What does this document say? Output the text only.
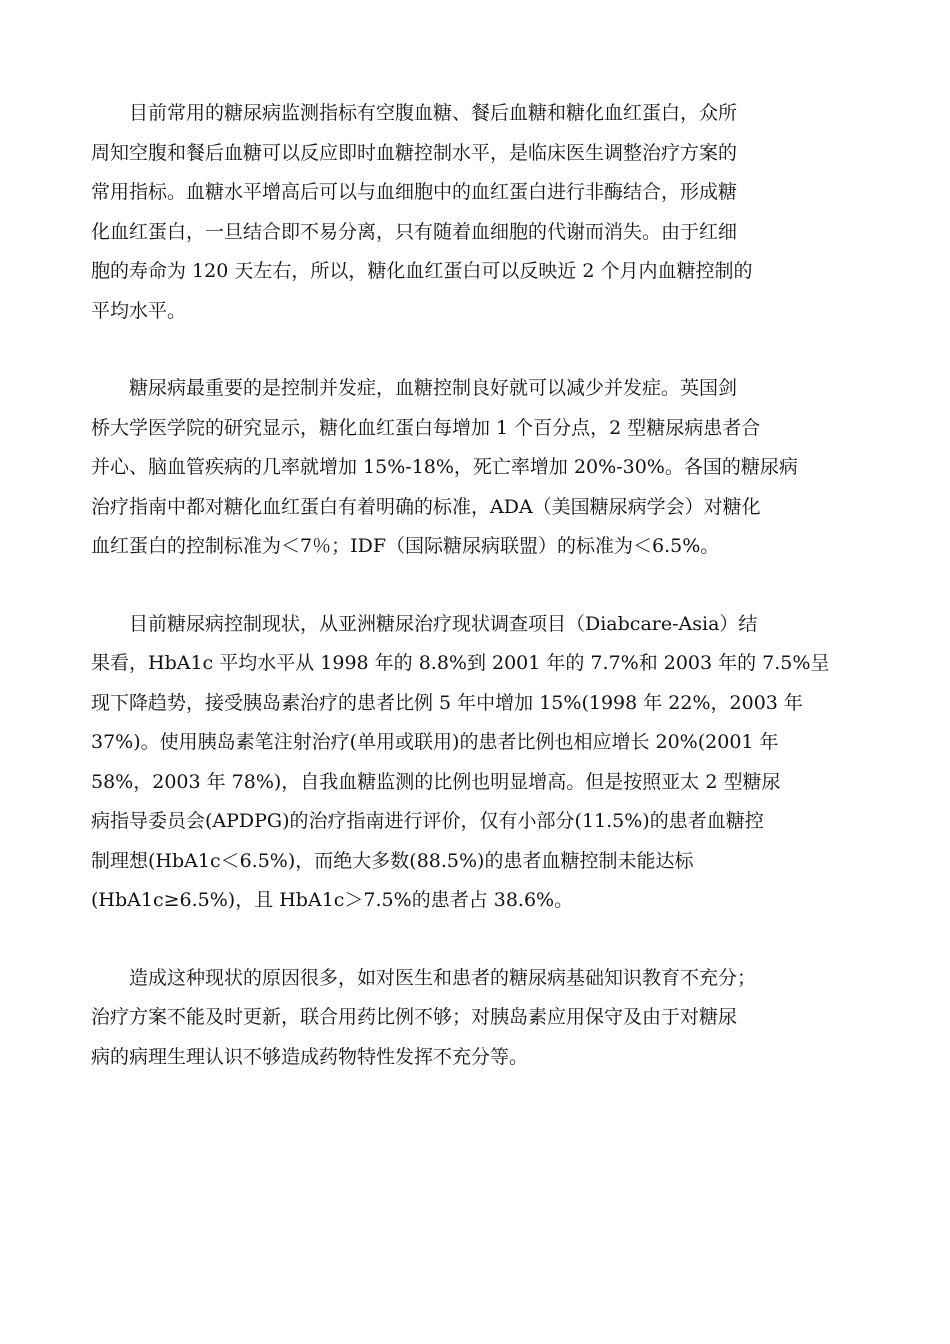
目前常用的糖尿病监测指标有空腹血糖、餐后血糖和糖化血红蛋白，众所
周知空腹和餐后血糖可以反应即时血糖控制水平，是临床医生调整治疗方案的
常用指标。血糖水平增高后可以与血细胞中的血红蛋白进行非酶结合，形成糖
化血红蛋白，一旦结合即不易分离，只有随着血细胞的代谢而消失。由于红细
胞的寿命为 120 天左右，所以，糖化血红蛋白可以反映近 2 个月内血糖控制的
平均水平。

糖尿病最重要的是控制并发症，血糖控制良好就可以减少并发症。英国剑
桥大学医学院的研究显示，糖化血红蛋白每增加 1 个百分点，2 型糖尿病患者合
并心、脑血管疾病的几率就增加 15%-18%，死亡率增加 20%-30%。各国的糖尿病
治疗指南中都对糖化血红蛋白有着明确的标准，ADA（美国糖尿病学会）对糖化
血红蛋白的控制标准为＜7％；IDF（国际糖尿病联盟）的标准为＜6.5%。

目前糖尿病控制现状，从亚洲糖尿治疗现状调查项目（Diabcare-Asia）结
果看，HbA1c 平均水平从 1998 年的 8.8%到 2001 年的 7.7%和 2003 年的 7.5%呈
现下降趋势，接受胰岛素治疗的患者比例 5 年中增加 15%(1998 年 22%，2003 年
37%)。使用胰岛素笔注射治疗(单用或联用)的患者比例也相应增长 20%(2001 年
58%，2003 年 78%)，自我血糖监测的比例也明显增高。但是按照亚太 2 型糖尿
病指导委员会(APDPG)的治疗指南进行评价，仅有小部分(11.5%)的患者血糖控
制理想(HbA1c＜6.5%)，而绝大多数(88.5%)的患者血糖控制未能达标
(HbA1c≥6.5%)，且 HbA1c＞7.5%的患者占 38.6%。

造成这种现状的原因很多，如对医生和患者的糖尿病基础知识教育不充分；
治疗方案不能及时更新，联合用药比例不够；对胰岛素应用保守及由于对糖尿
病的病理生理认识不够造成药物特性发挥不充分等。
